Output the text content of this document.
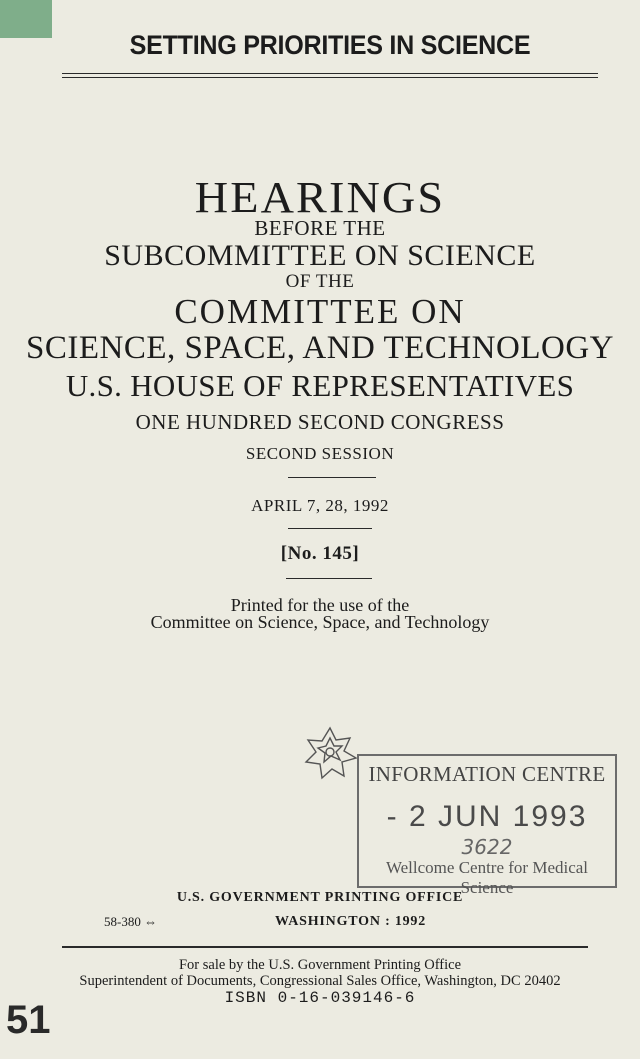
SETTING PRIORITIES IN SCIENCE
HEARINGS
BEFORE THE
SUBCOMMITTEE ON SCIENCE
OF THE
COMMITTEE ON
SCIENCE, SPACE, AND TECHNOLOGY
U.S. HOUSE OF REPRESENTATIVES
ONE HUNDRED SECOND CONGRESS
SECOND SESSION
APRIL 7, 28, 1992
[No. 145]
Printed for the use of the
Committee on Science, Space, and Technology
INFORMATION CENTRE
- 2 JUN 1993
3622
Wellcome Centre for Medical Science
U.S. GOVERNMENT PRINTING OFFICE
58-380 ⇔	WASHINGTON : 1992
For sale by the U.S. Government Printing Office
Superintendent of Documents, Congressional Sales Office, Washington, DC 20402
ISBN 0-16-039146-6
51
